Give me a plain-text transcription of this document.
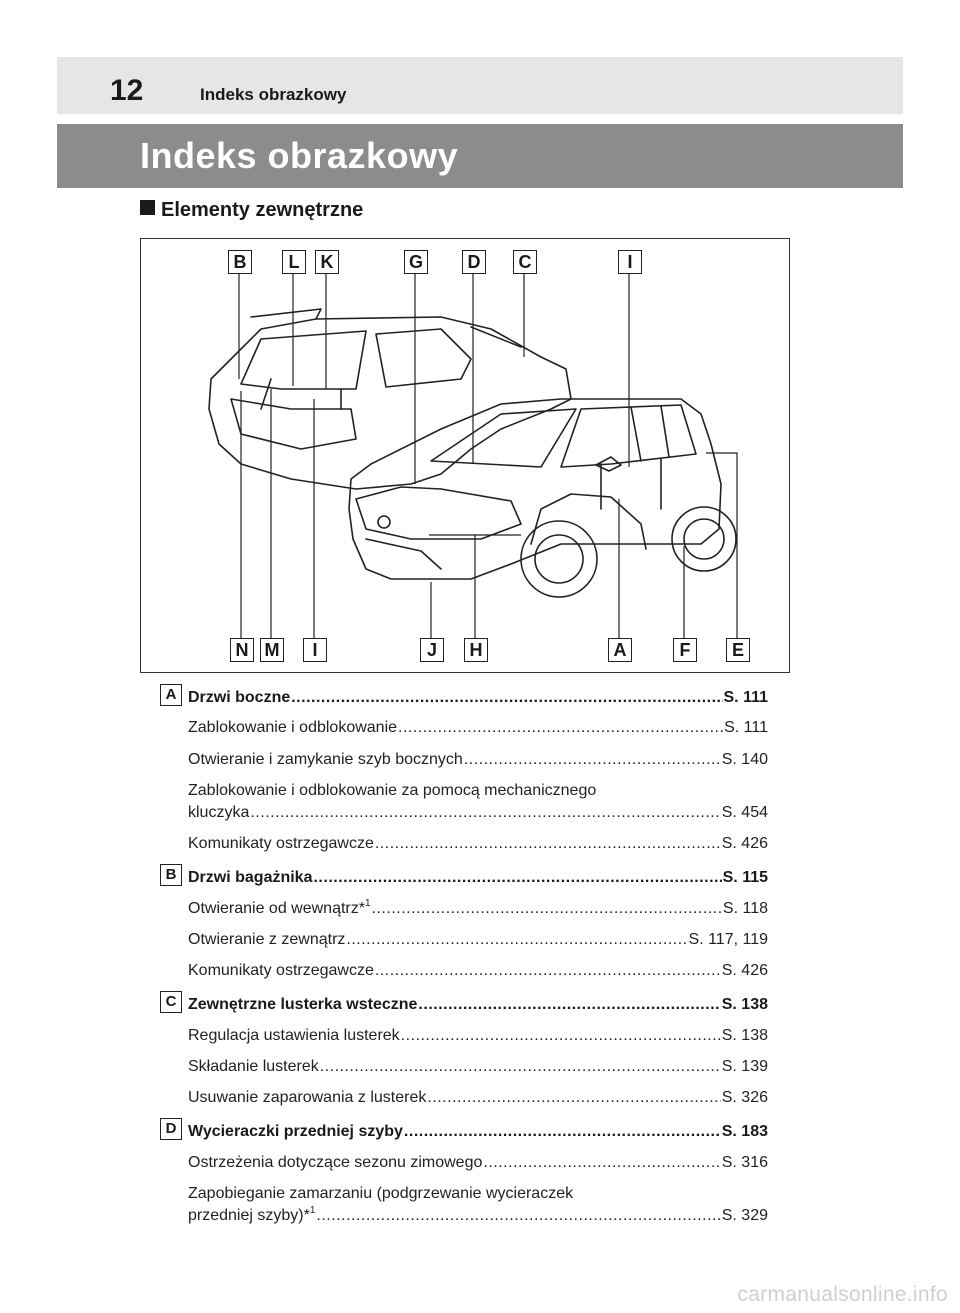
12	Indeks obrazkowy
Indeks obrazkowy
Elementy zewnętrzne
B	L	K	G	D	C	I
N M	I	J	H	A	F	E
A Drzwi boczne .....	S. 111
Zablokowanie i odblokowanie .....	S. 111
Otwieranie i zamykanie szyb bocznych .....	S. 140
Zablokowanie i odblokowanie za pomocą mechanicznego
kluczyka .....	S. 454
Komunikaty ostrzegawcze .....	S. 426
B Drzwi bagażnika .....	S. 115
Otwieranie od wewnątrz*$^1$ .....	S. 118
Otwieranie z zewnątrz .....	S. 117, 119
Komunikaty ostrzegawcze .....	S. 426
C Zewnętrzne lusterka wsteczne .....	S. 138
Regulacja ustawienia lusterek .....	S. 138
Składanie lusterek .....	S. 139
Usuwanie zaparowania z lusterek .....	S. 326
D Wycieraczki przedniej szyby .....	S. 183
Ostrzeżenia dotyczące sezonu zimowego .....	S. 316
Zapobieganie zamarzaniu (podgrzewanie wycieraczek
przedniej szyby)*$^1$ .....	S. 329
carmanualsonline.info
